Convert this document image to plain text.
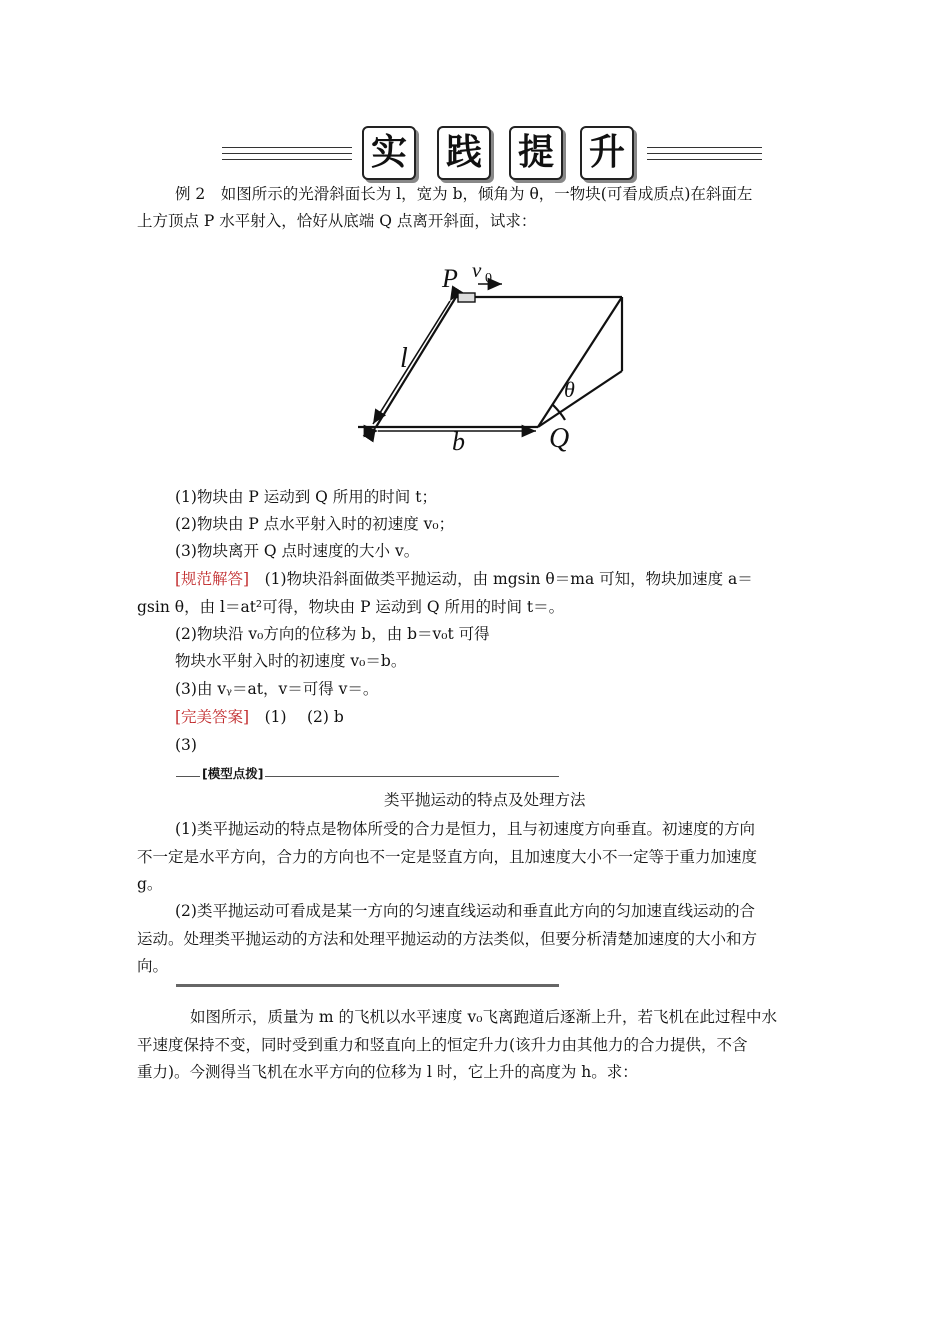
实 践 提 升
例 2　如图所示的光滑斜面长为 l，宽为 b，倾角为 θ，一物块(可看成质点)在斜面左
上方顶点 P 水平射入，恰好从底端 Q 点离开斜面，试求：
P v 0
l
θ
b	Q
(1)物块由 P 运动到 Q 所用的时间 t；
(2)物块由 P 点水平射入时的初速度 v₀；
(3)物块离开 Q 点时速度的大小 v。
[规范解答]　(1)物块沿斜面做类平抛运动，由 mgsin θ＝ma 可知，物块加速度 a＝
gsin θ，由 l＝at²可得，物块由 P 运动到 Q 所用的时间 t＝。
(2)物块沿 v₀方向的位移为 b，由 b＝v₀t 可得
物块水平射入时的初速度 v₀＝b。
(3)由 vᵧ＝at，v＝可得 v＝。
[完美答案]　(1)　 (2) b
(3)
[模型点拨]
类平抛运动的特点及处理方法
(1)类平抛运动的特点是物体所受的合力是恒力，且与初速度方向垂直。初速度的方向
不一定是水平方向，合力的方向也不一定是竖直方向，且加速度大小不一定等于重力加速度
g。
(2)类平抛运动可看成是某一方向的匀速直线运动和垂直此方向的匀加速直线运动的合
运动。处理类平抛运动的方法和处理平抛运动的方法类似，但要分析清楚加速度的大小和方
向。
如图所示，质量为 m 的飞机以水平速度 v₀飞离跑道后逐渐上升，若飞机在此过程中水
平速度保持不变，同时受到重力和竖直向上的恒定升力(该升力由其他力的合力提供，不含
重力)。今测得当飞机在水平方向的位移为 l 时，它上升的高度为 h。求：
